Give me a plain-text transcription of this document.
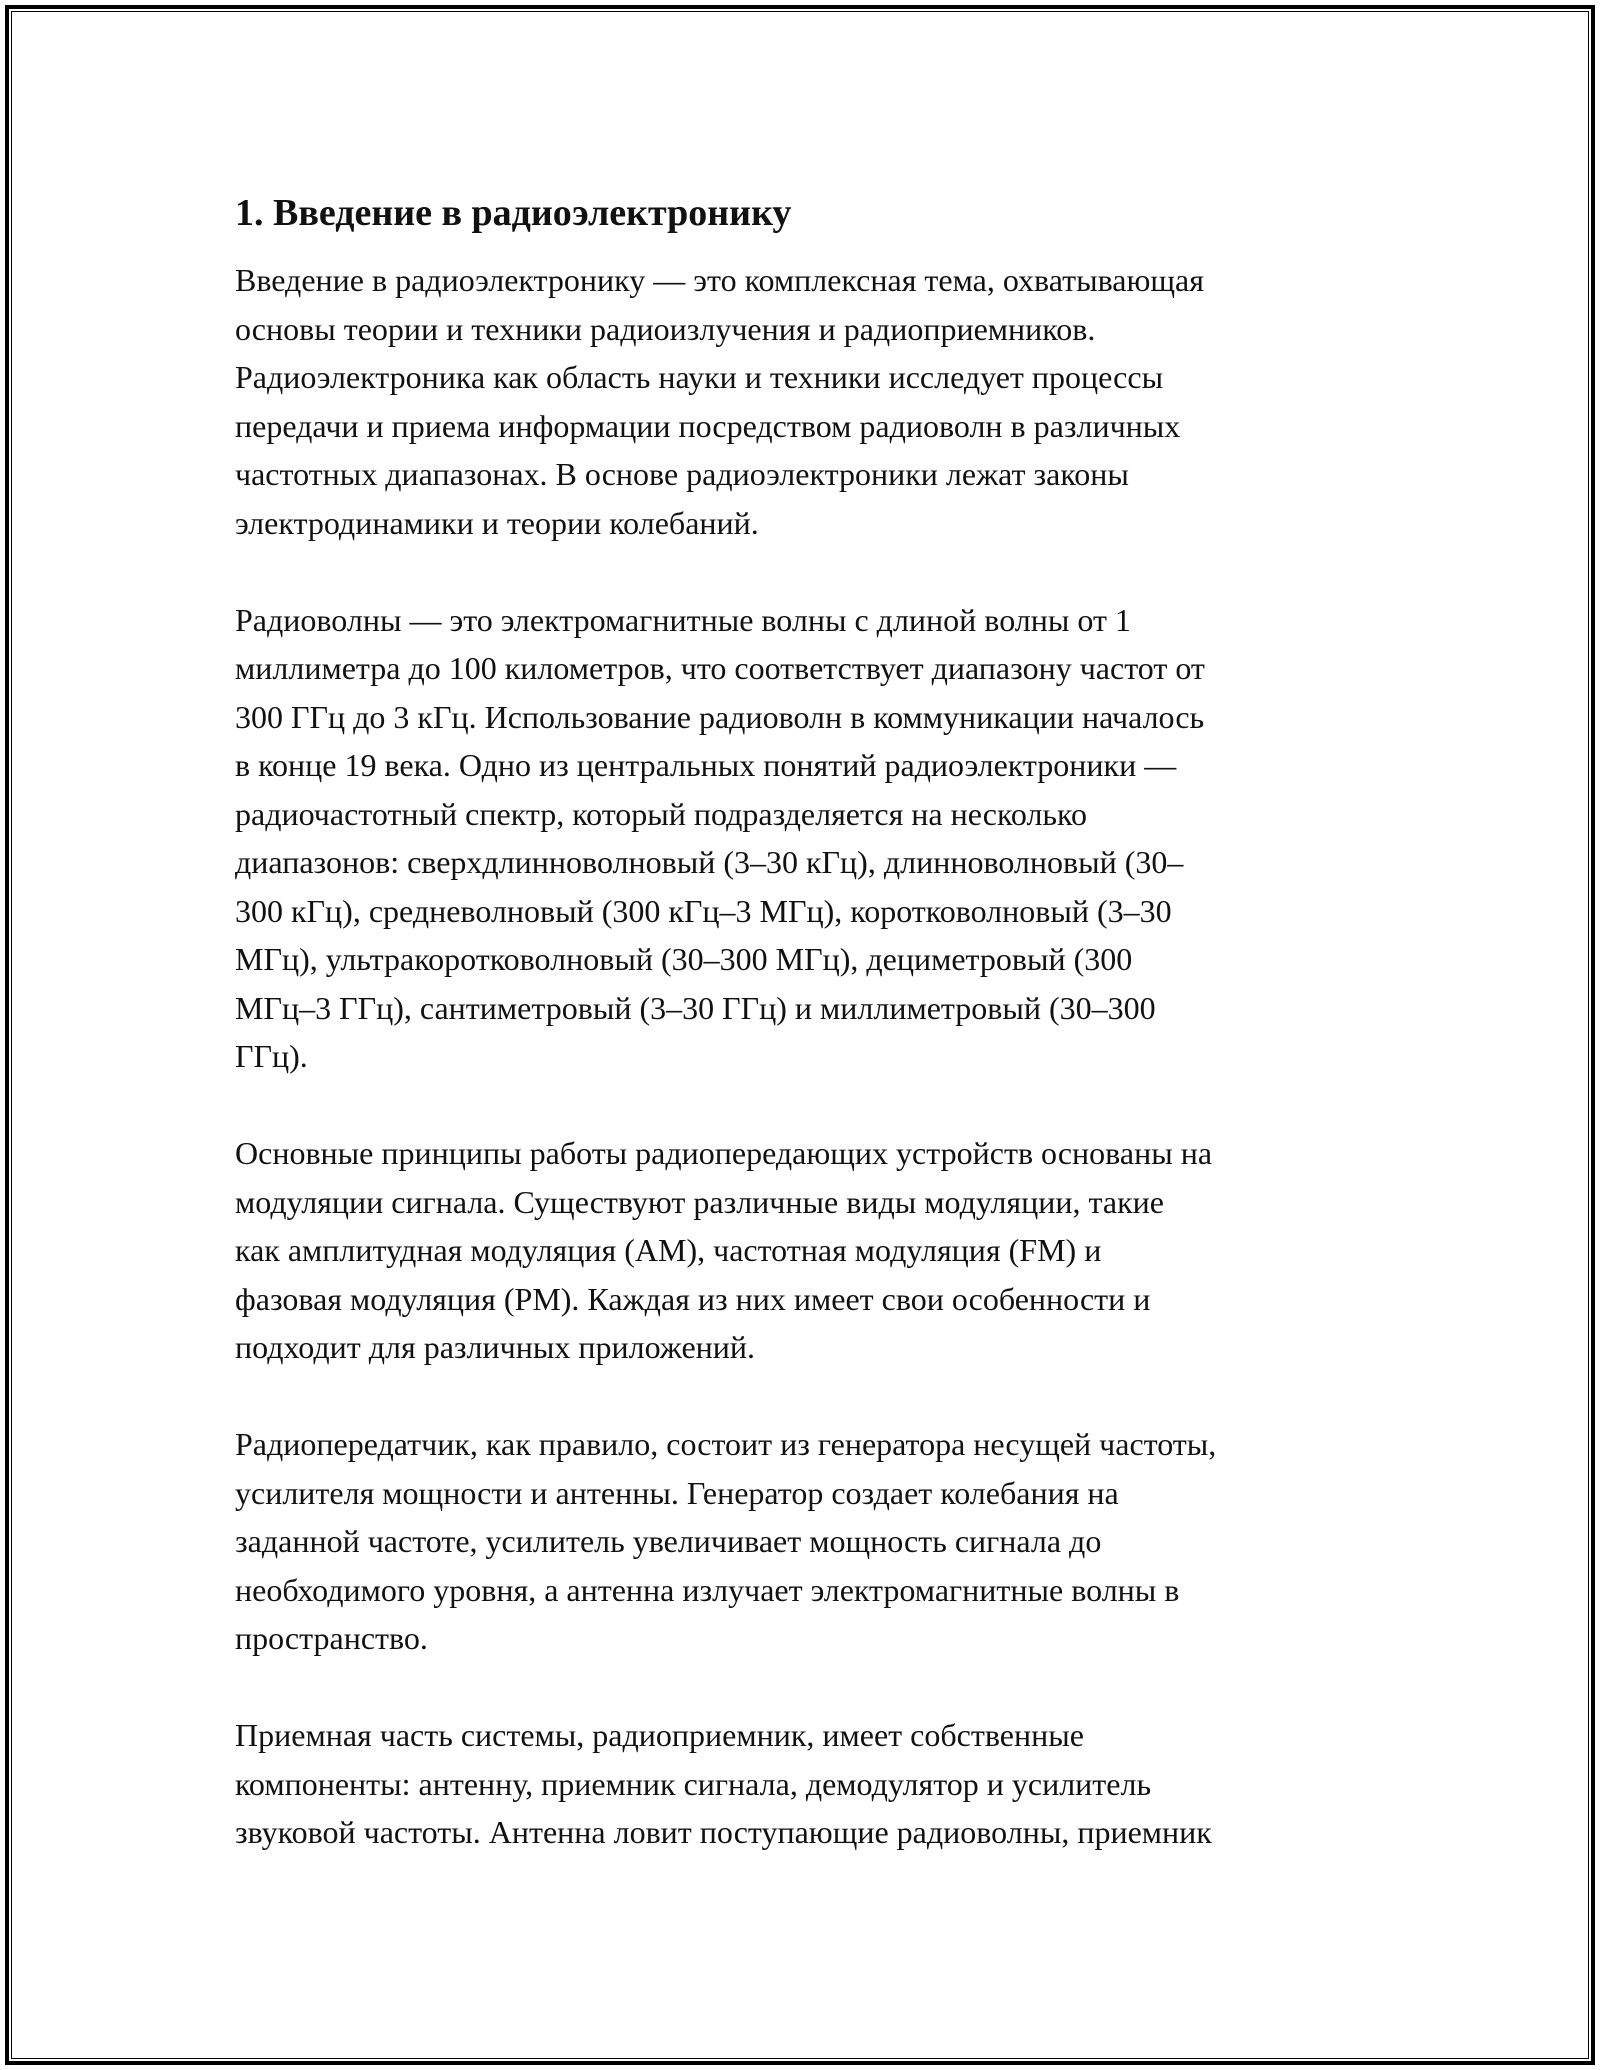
1. Введение в радиоэлектронику

Введение в радиоэлектронику — это комплексная тема, охватывающая
основы теории и техники радиоизлучения и радиоприемников.
Радиоэлектроника как область науки и техники исследует процессы
передачи и приема информации посредством радиоволн в различных
частотных диапазонах. В основе радиоэлектроники лежат законы
электродинамики и теории колебаний.

Радиоволны — это электромагнитные волны с длиной волны от 1
миллиметра до 100 километров, что соответствует диапазону частот от
300 ГГц до 3 кГц. Использование радиоволн в коммуникации началось
в конце 19 века. Одно из центральных понятий радиоэлектроники —
радиочастотный спектр, который подразделяется на несколько
диапазонов: сверхдлинноволновый (3–30 кГц), длинноволновый (30–
300 кГц), средневолновый (300 кГц–3 МГц), коротковолновый (3–30
МГц), ультракоротковолновый (30–300 МГц), дециметровый (300
МГц–3 ГГц), сантиметровый (3–30 ГГц) и миллиметровый (30–300
ГГц).

Основные принципы работы радиопередающих устройств основаны на
модуляции сигнала. Существуют различные виды модуляции, такие
как амплитудная модуляция (AM), частотная модуляция (FM) и
фазовая модуляция (PM). Каждая из них имеет свои особенности и
подходит для различных приложений.

Радиопередатчик, как правило, состоит из генератора несущей частоты,
усилителя мощности и антенны. Генератор создает колебания на
заданной частоте, усилитель увеличивает мощность сигнала до
необходимого уровня, а антенна излучает электромагнитные волны в
пространство.

Приемная часть системы, радиоприемник, имеет собственные
компоненты: антенну, приемник сигнала, демодулятор и усилитель
звуковой частоты. Антенна ловит поступающие радиоволны, приемник
